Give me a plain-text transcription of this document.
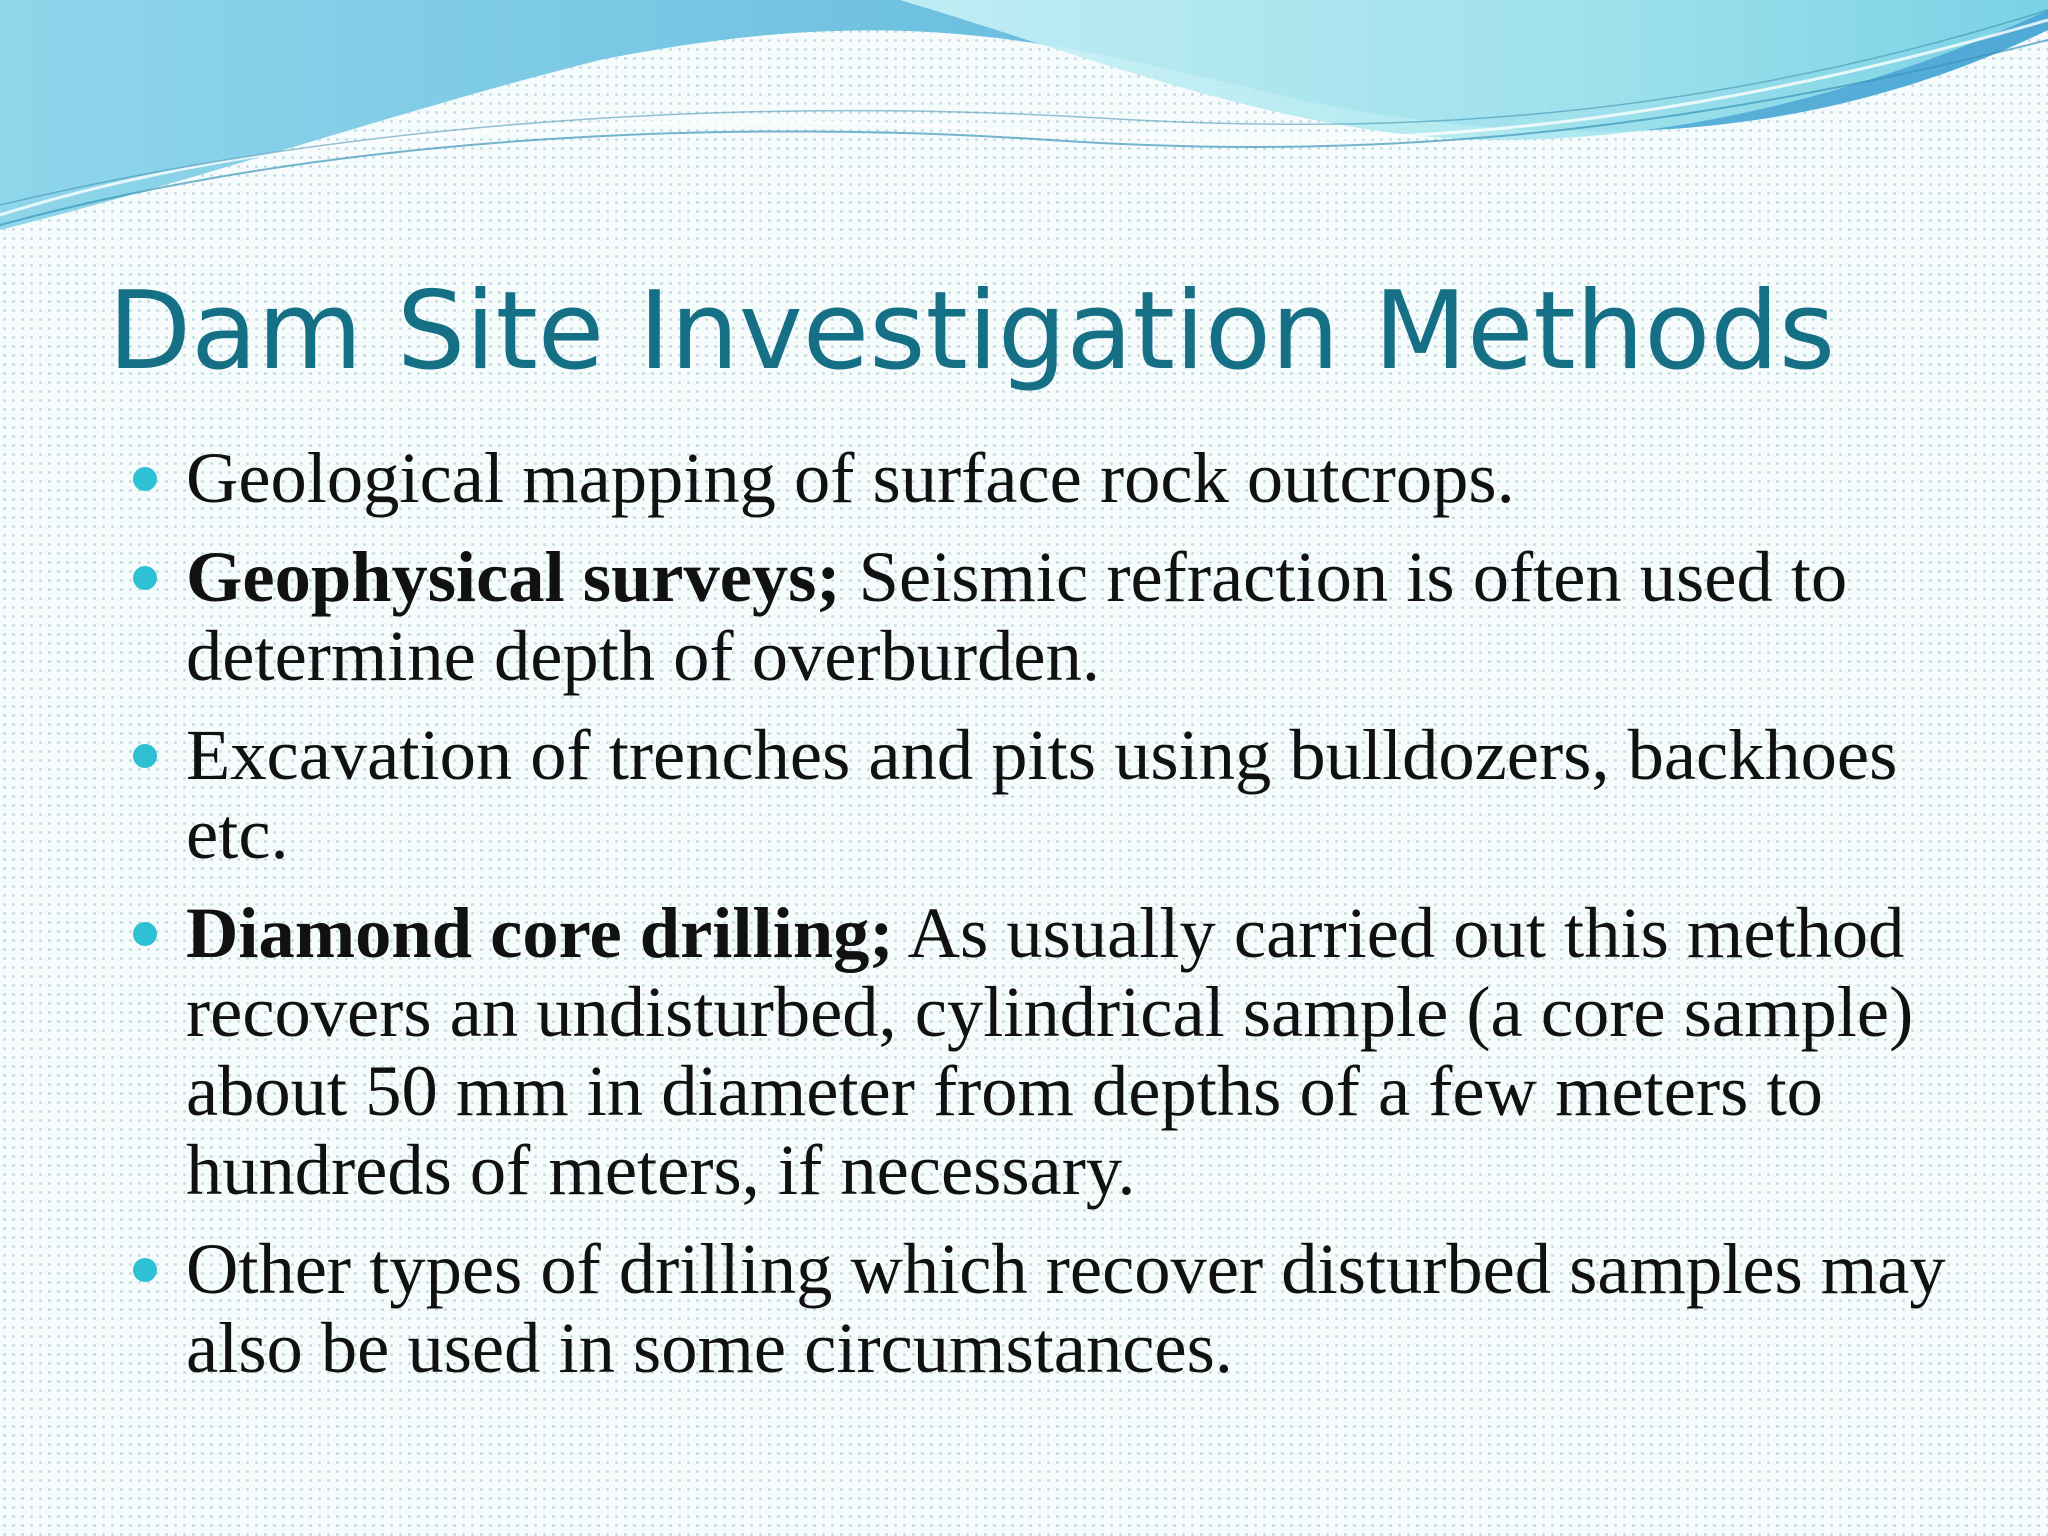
Dam Site Investigation Methods
Geological mapping of surface rock outcrops.
Geophysical surveys; Seismic refraction is often used to determine depth of overburden.
Excavation of trenches and pits using bulldozers, backhoes etc.
Diamond core drilling; As usually carried out this method recovers an undisturbed, cylindrical sample (a core sample) about 50 mm in diameter from depths of a few meters to hundreds of meters, if necessary.
Other types of drilling which recover disturbed samples may also be used in some circumstances.
